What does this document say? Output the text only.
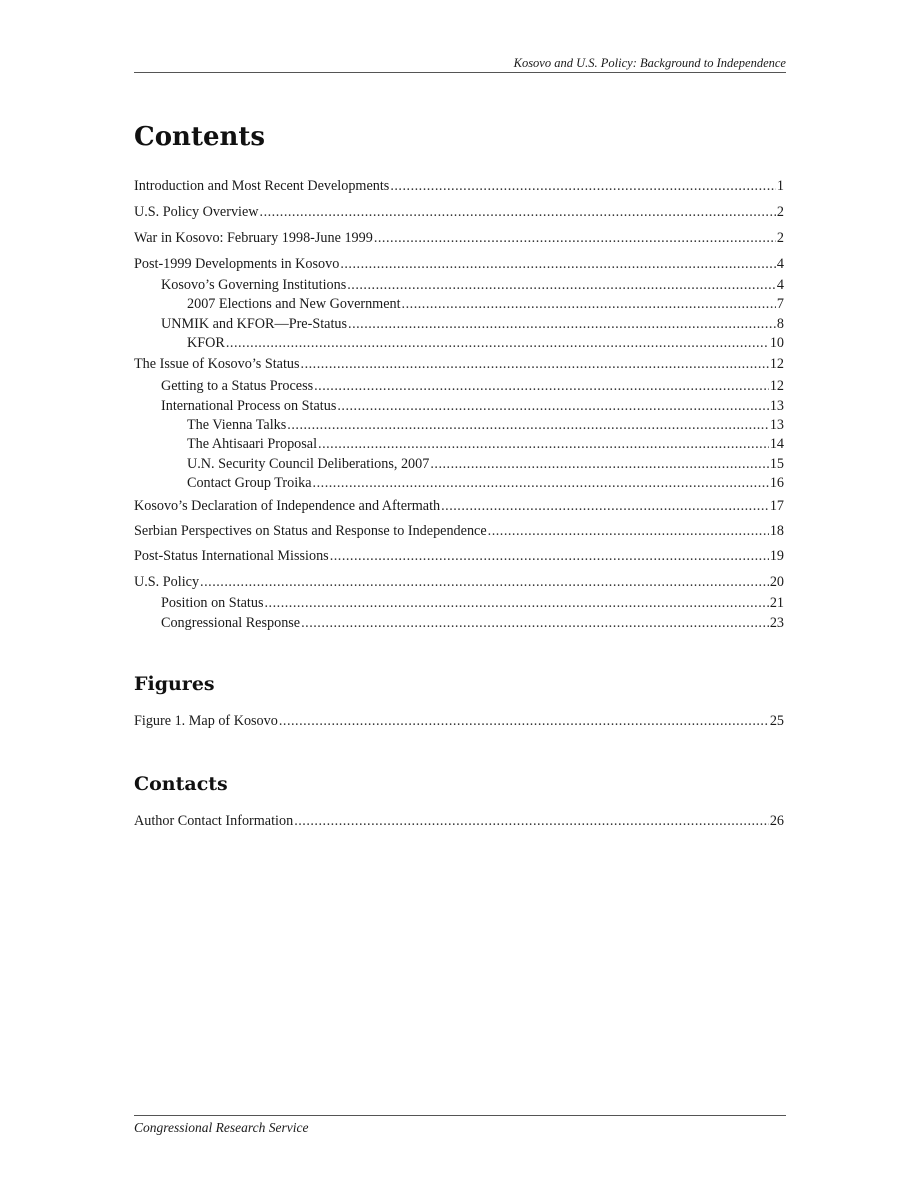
Kosovo and U.S. Policy: Background to Independence
Contents
Introduction and Most Recent Developments .....	1
U.S. Policy Overview .....	2
War in Kosovo: February 1998-June 1999 .....	2
Post-1999 Developments in Kosovo .....	4
Kosovo’s Governing Institutions .....	4
2007 Elections and New Government .....	7
UNMIK and KFOR—Pre-Status .....	8
KFOR .....	10
The Issue of Kosovo’s Status .....	12
Getting to a Status Process .....	12
International Process on Status .....	13
The Vienna Talks .....	13
The Ahtisaari Proposal .....	14
U.N. Security Council Deliberations, 2007 .....	15
Contact Group Troika .....	16
Kosovo’s Declaration of Independence and Aftermath .....	17
Serbian Perspectives on Status and Response to Independence .....	18
Post-Status International Missions .....	19
U.S. Policy .....	20
Position on Status .....	21
Congressional Response .....	23
Figures
Figure 1. Map of Kosovo .....	25
Contacts
Author Contact Information .....	26
Congressional Research Service
